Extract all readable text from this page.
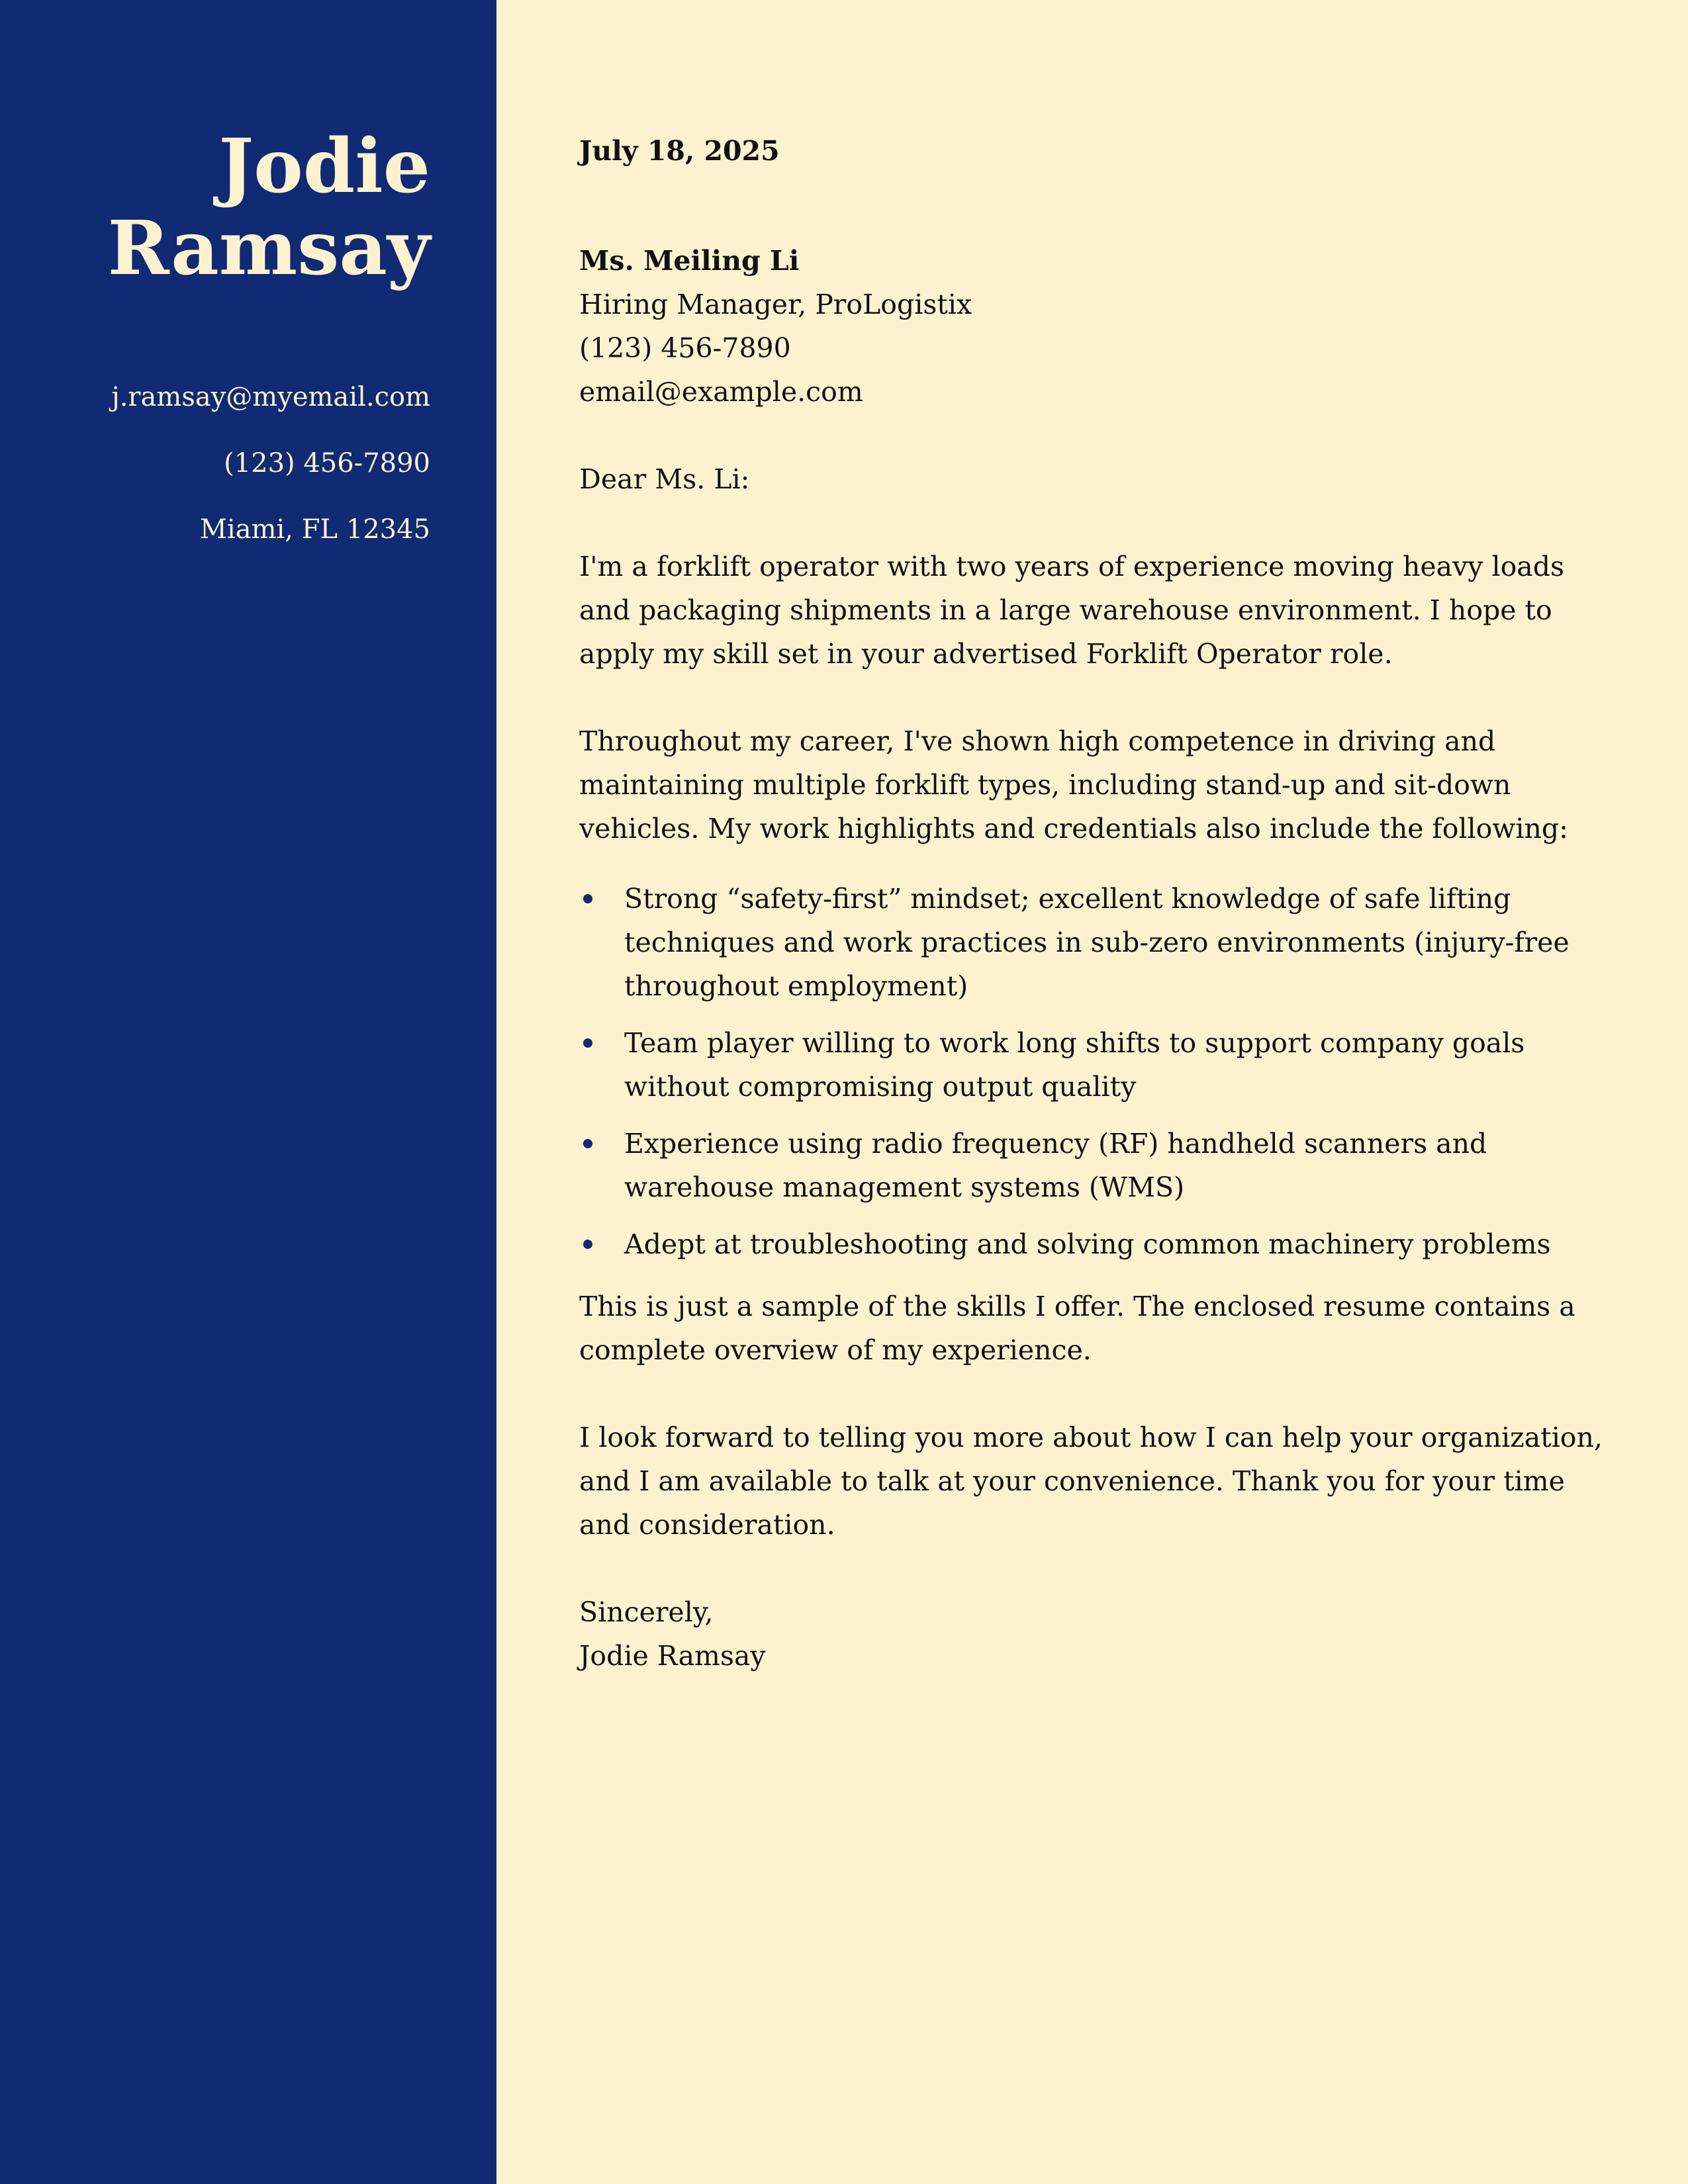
Jodie
Ramsay
j.ramsay@myemail.com
(123) 456-7890
Miami, FL 12345
July 18, 2025
Ms. Meiling Li
Hiring Manager, ProLogistix
(123) 456-7890
email@example.com
Dear Ms. Li:

I'm a forklift operator with two years of experience moving heavy loads and packaging shipments in a large warehouse environment. I hope to apply my skill set in your advertised Forklift Operator role.

Throughout my career, I've shown high competence in driving and maintaining multiple forklift types, including stand-up and sit-down vehicles. My work highlights and credentials also include the following:

Strong “safety-first” mindset; excellent knowledge of safe lifting techniques and work practices in sub-zero environments (injury-free throughout employment)
Team player willing to work long shifts to support company goals without compromising output quality
Experience using radio frequency (RF) handheld scanners and warehouse management systems (WMS)
Adept at troubleshooting and solving common machinery problems
This is just a sample of the skills I offer. The enclosed resume contains a complete overview of my experience.

I look forward to telling you more about how I can help your organization, and I am available to talk at your convenience. Thank you for your time and consideration.

Sincerely,
Jodie Ramsay
